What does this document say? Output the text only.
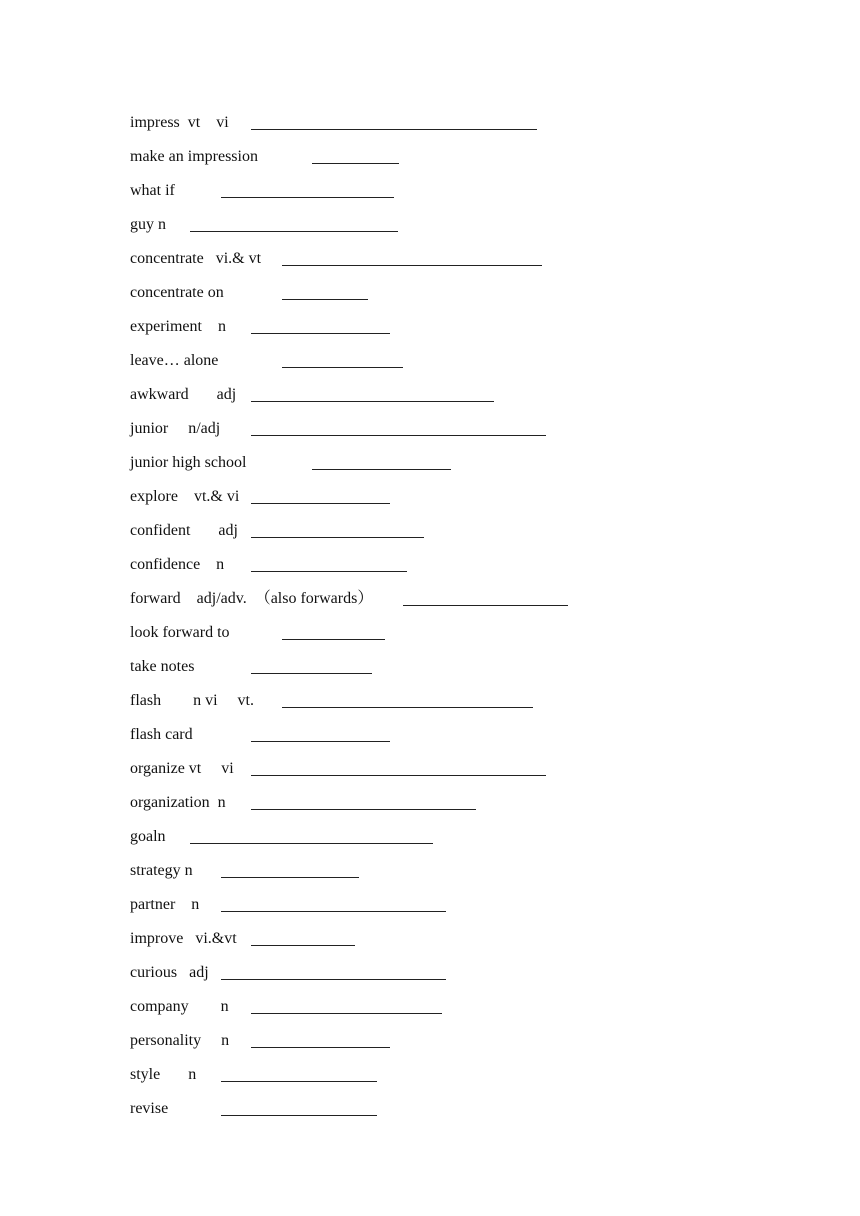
impress  vt    vi
make an impression
what if
guy n
concentrate   vi.& vt
concentrate on
experiment    n
leave… alone
awkward       adj
junior     n/adj
junior high school
explore    vt.& vi
confident       adj
confidence    n
forward    adj/adv.  （also forwards）
look forward to
take notes
flash        n vi     vt.
flash card
organize vt     vi
organization  n
goaln
strategy n
partner    n
improve   vi.&vt
curious   adj
company        n
personality     n
style       n
revise
